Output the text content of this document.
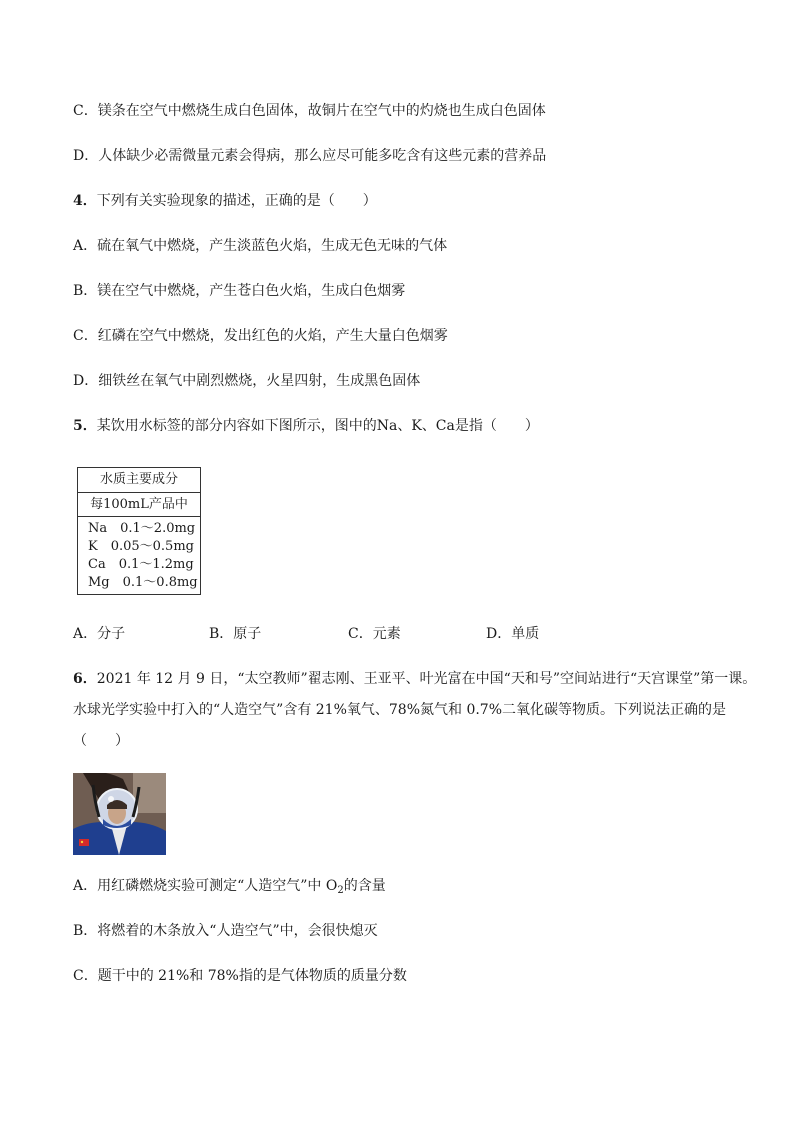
C．镁条在空气中燃烧生成白色固体，故铜片在空气中的灼烧也生成白色固体
D．人体缺少必需微量元素会得病，那么应尽可能多吃含有这些元素的营养品
4．下列有关实验现象的描述，正确的是（　　）
A．硫在氧气中燃烧，产生淡蓝色火焰，生成无色无味的气体
B．镁在空气中燃烧，产生苍白色火焰，生成白色烟雾
C．红磷在空气中燃烧，发出红色的火焰，产生大量白色烟雾
D．细铁丝在氧气中剧烈燃烧，火星四射，生成黑色固体
5．某饮用水标签的部分内容如下图所示，图中的Na、K、Ca是指（　　）
水质主要成分
每100mL产品中
Na　0.1～2.0mg
K　0.05～0.5mg
Ca　0.1～1.2mg
Mg　0.1～0.8mg
A．分子	B．原子	C．元素	D．单质
6．2021 年 12 月 9 日，“太空教师”翟志刚、王亚平、叶光富在中国“天和号”空间站进行“天宫课堂”第一课。
水球光学实验中打入的“人造空气”含有 21%氧气、78%氮气和 0.7%二氧化碳等物质。下列说法正确的是
（　　）
A．用红磷燃烧实验可测定“人造空气”中 $O_2$的含量
B．将燃着的木条放入“人造空气”中，会很快熄灭
C．题干中的 21%和 78%指的是气体物质的质量分数
